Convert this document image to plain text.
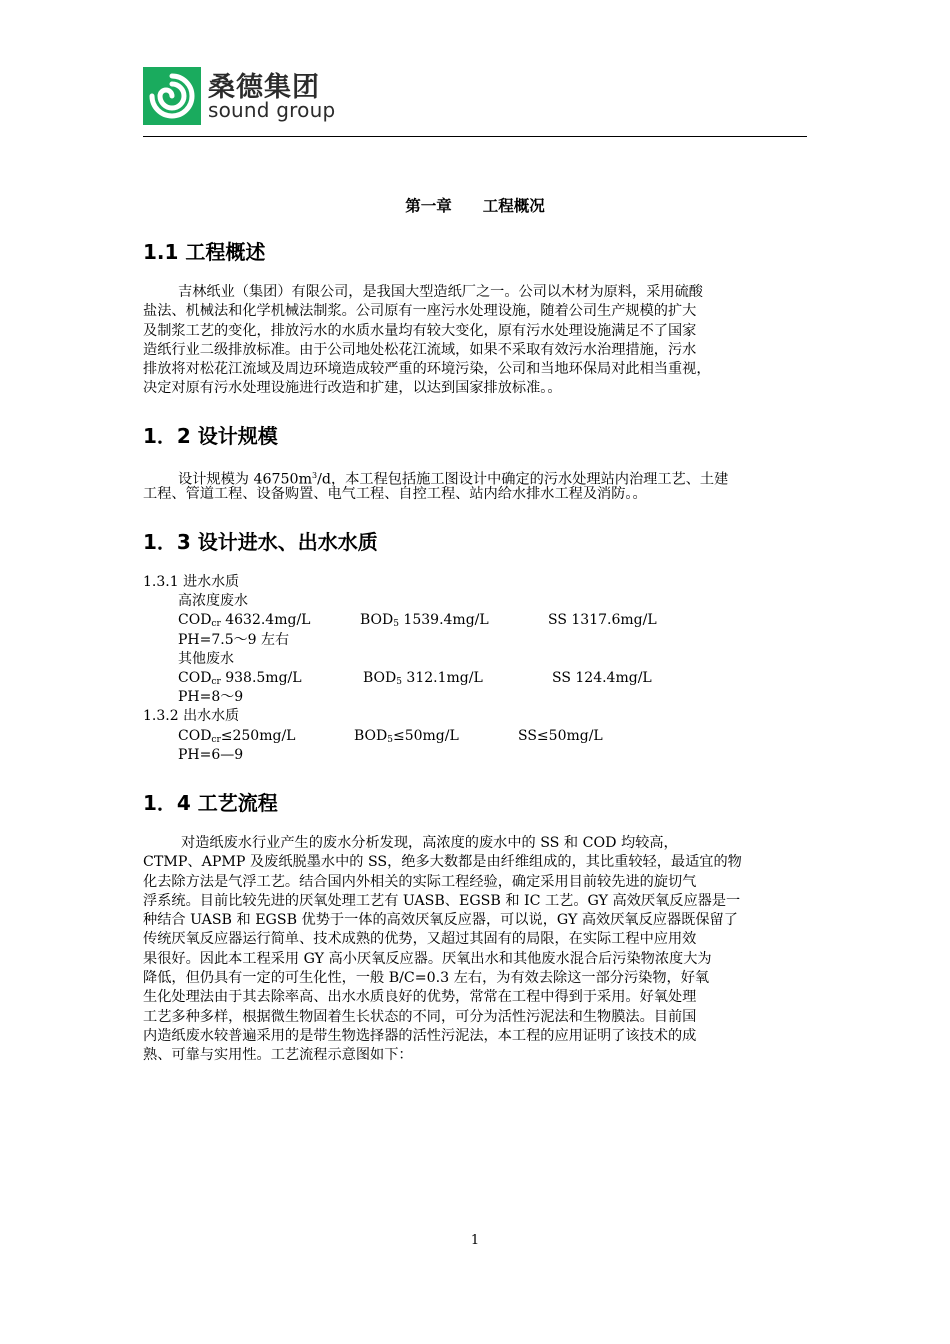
桑德集团
sound group
第一章　　工程概况
1.1 工程概述
吉林纸业（集团）有限公司，是我国大型造纸厂之一。公司以木材为原料，采用硫酸
盐法、机械法和化学机械法制浆。公司原有一座污水处理设施，随着公司生产规模的扩大
及制浆工艺的变化，排放污水的水质水量均有较大变化，原有污水处理设施满足不了国家
造纸行业二级排放标准。由于公司地处松花江流域，如果不采取有效污水治理措施，污水
排放将对松花江流域及周边环境造成较严重的环境污染，公司和当地环保局对此相当重视，
决定对原有污水处理设施进行改造和扩建，以达到国家排放标准。。
1．2 设计规模
设计规模为 $46750m^3/d$，本工程包括施工图设计中确定的污水处理站内治理工艺、土建
工程、管道工程、设备购置、电气工程、自控工程、站内给水排水工程及消防。。
1．3 设计进水、出水水质
1.3.1 进水水质
高浓度废水
$COD_{cr}$ 4632.4mg/L	$BOD_5$ 1539.4mg/L	SS 1317.6mg/L
PH=7.5～9 左右
其他废水
$COD_{cr}$ 938.5mg/L	$BOD_5$ 312.1mg/L	SS 124.4mg/L
PH=8～9
1.3.2 出水水质
$COD_{cr}\le 250mg/L$	$BOD_5\le 50mg/L$	SS≤50mg/L
PH=6—9
1．4 工艺流程
对造纸废水行业产生的废水分析发现，高浓度的废水中的 SS 和 COD 均较高，
CTMP、APMP 及废纸脱墨水中的 SS，绝多大数都是由纤维组成的，其比重较轻，最适宜的物
化去除方法是气浮工艺。结合国内外相关的实际工程经验，确定采用目前较先进的旋切气
浮系统。目前比较先进的厌氧处理工艺有 UASB、EGSB 和 IC 工艺。GY 高效厌氧反应器是一
种结合 UASB 和 EGSB 优势于一体的高效厌氧反应器，可以说，GY 高效厌氧反应器既保留了
传统厌氧反应器运行简单、技术成熟的优势，又超过其固有的局限，在实际工程中应用效
果很好。因此本工程采用 GY 高小厌氧反应器。厌氧出水和其他废水混合后污染物浓度大为
降低，但仍具有一定的可生化性，一般 B/C=0.3 左右，为有效去除这一部分污染物，好氧
生化处理法由于其去除率高、出水水质良好的优势，常常在工程中得到于采用。好氧处理
工艺多种多样，根据微生物固着生长状态的不同，可分为活性污泥法和生物膜法。目前国
内造纸废水较普遍采用的是带生物选择器的活性污泥法，本工程的应用证明了该技术的成
熟、可靠与实用性。工艺流程示意图如下：
1
